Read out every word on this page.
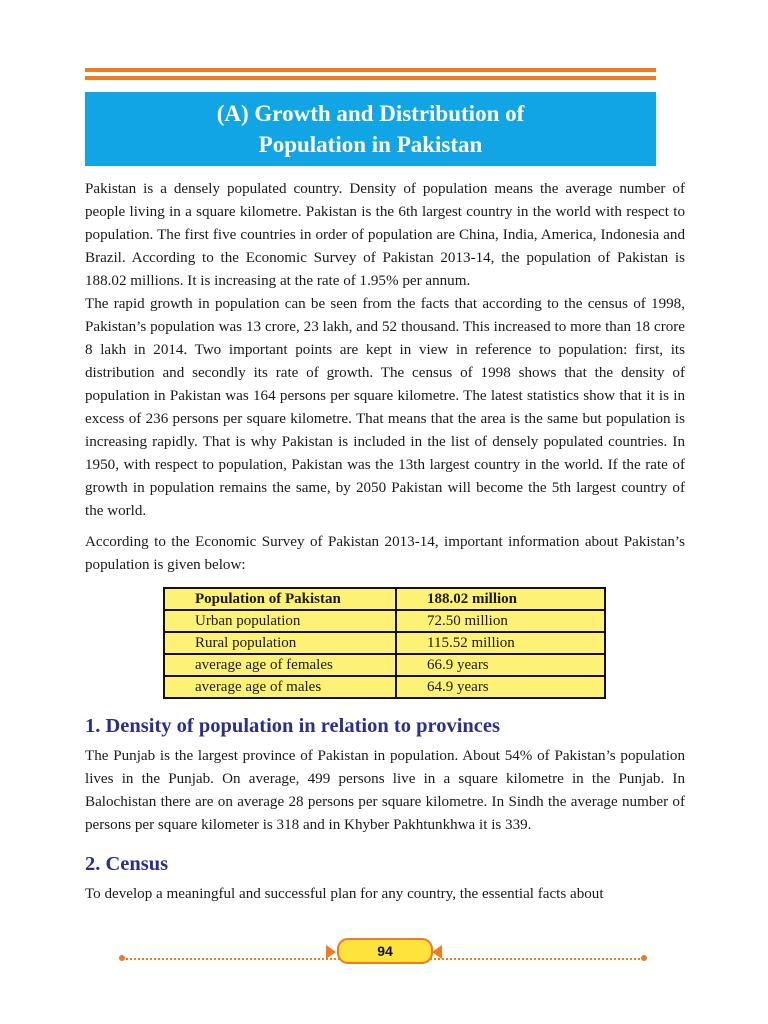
(A) Growth and Distribution of
Population in Pakistan

Pakistan is a densely populated country. Density of population means the average number of people living in a square kilometre. Pakistan is the 6th largest country in the world with respect to population. The first five countries in order of population are China, India, America, Indonesia and Brazil. According to the Economic Survey of Pakistan 2013-14, the population of Pakistan is 188.02 millions. It is increasing at the rate of 1.95% per annum.

The rapid growth in population can be seen from the facts that according to the census of 1998, Pakistan’s population was 13 crore, 23 lakh, and 52 thousand. This increased to more than 18 crore 8 lakh in 2014. Two important points are kept in view in reference to population: first, its distribution and secondly its rate of growth. The census of 1998 shows that the density of population in Pakistan was 164 persons per square kilometre. The latest statistics show that it is in excess of 236 persons per square kilometre. That means that the area is the same but population is increasing rapidly. That is why Pakistan is included in the list of densely populated countries. In 1950, with respect to population, Pakistan was the 13th largest country in the world. If the rate of growth in population remains the same, by 2050 Pakistan will become the 5th largest country of the world.

According to the Economic Survey of Pakistan 2013-14, important information about Pakistan’s population is given below:

Population of Pakistan	188.02 million
Urban population	72.50 million
Rural population	115.52 million
average age of females	66.9 years
average age of males	64.9 years
1. Density of population in relation to provinces

The Punjab is the largest province of Pakistan in population. About 54% of Pakistan’s population lives in the Punjab. On average, 499 persons live in a square kilometre in the Punjab. In Balochistan there are on average 28 persons per square kilometre. In Sindh the average number of persons per square kilometer is 318 and in Khyber Pakhtunkhwa it is 339.

2. Census

To develop a meaningful and successful plan for any country, the essential facts about

94
